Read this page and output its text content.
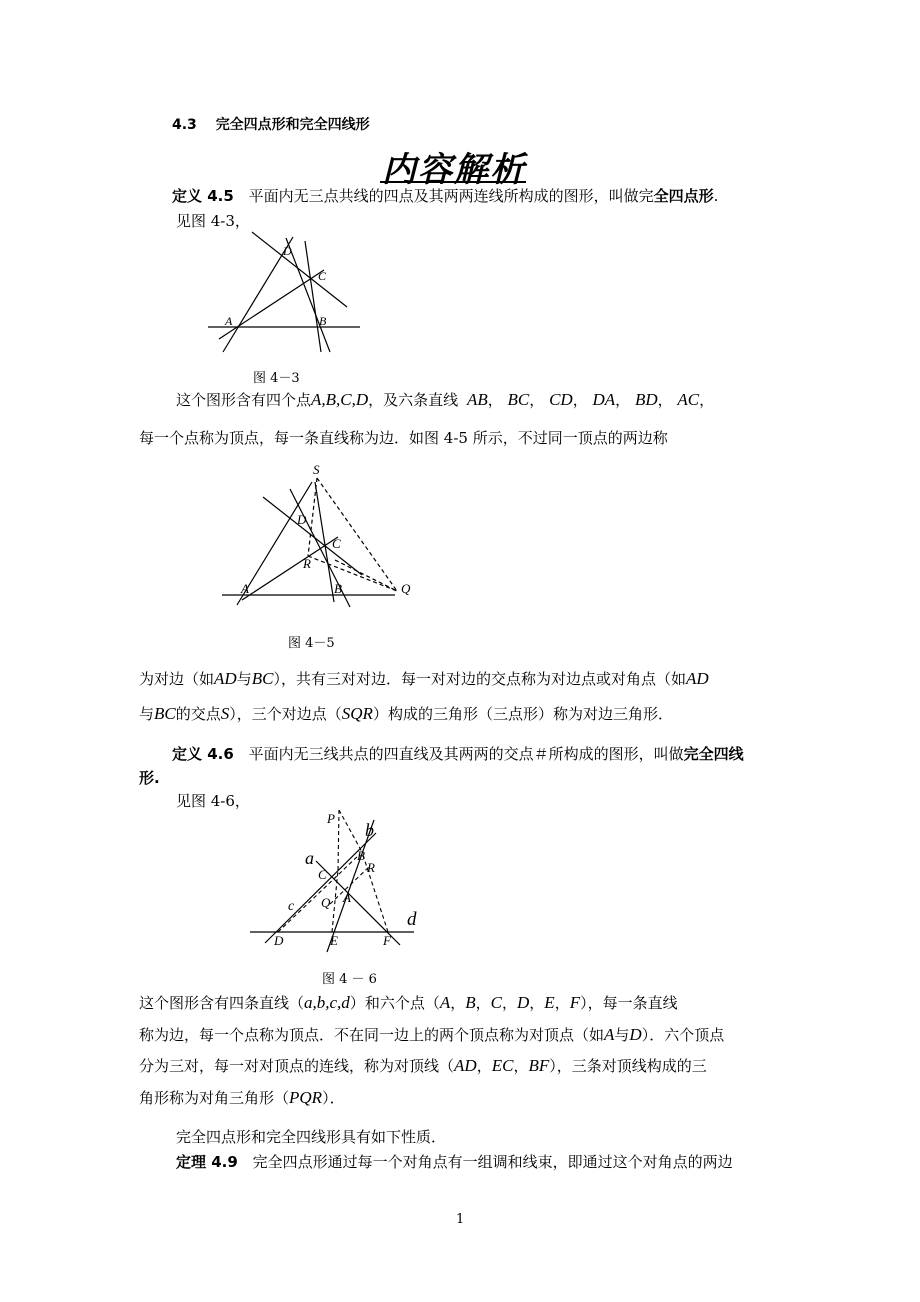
4.3 完全四点形和完全四线形
内容解析
定义 4.5 平面内无三点共线的四点及其两两连线所构成的图形，叫做完全四点形.
见图 4-3，
D
C
A	B
图 4－3
这个图形含有四个点A,B,C,D，及六条直线 AB， BC， CD， DA， BD， AC，
每一个点称为顶点，每一条直线称为边．如图 4-5 所示，不过同一顶点的两边称
S
D
C
R
A	B	Q
图 4－5
为对边（如AD与BC），共有三对对边．每一对对边的交点称为对边点或对角点（如AD
与BC的交点S），三个对边点（SQR）构成的三角形（三点形）称为对边三角形．
定义 4.6 平面内无三线共点的四直线及其两两的交点＃所构成的图形，叫做完全四线
形.
见图 4-6，
P
b
a	B
R
C
c Q A
d
D	E	F
图 4 － 6
这个图形含有四条直线（a,b,c,d）和六个点（A，B，C，D，E，F），每一条直线
称为边，每一个点称为顶点．不在同一边上的两个顶点称为对顶点（如A与D）．六个顶点
分为三对，每一对对顶点的连线，称为对顶线（AD，EC，BF），三条对顶线构成的三
角形称为对角三角形（PQR）．
完全四点形和完全四线形具有如下性质．
定理 4.9 完全四点形通过每一个对角点有一组调和线束，即通过这个对角点的两边
1
